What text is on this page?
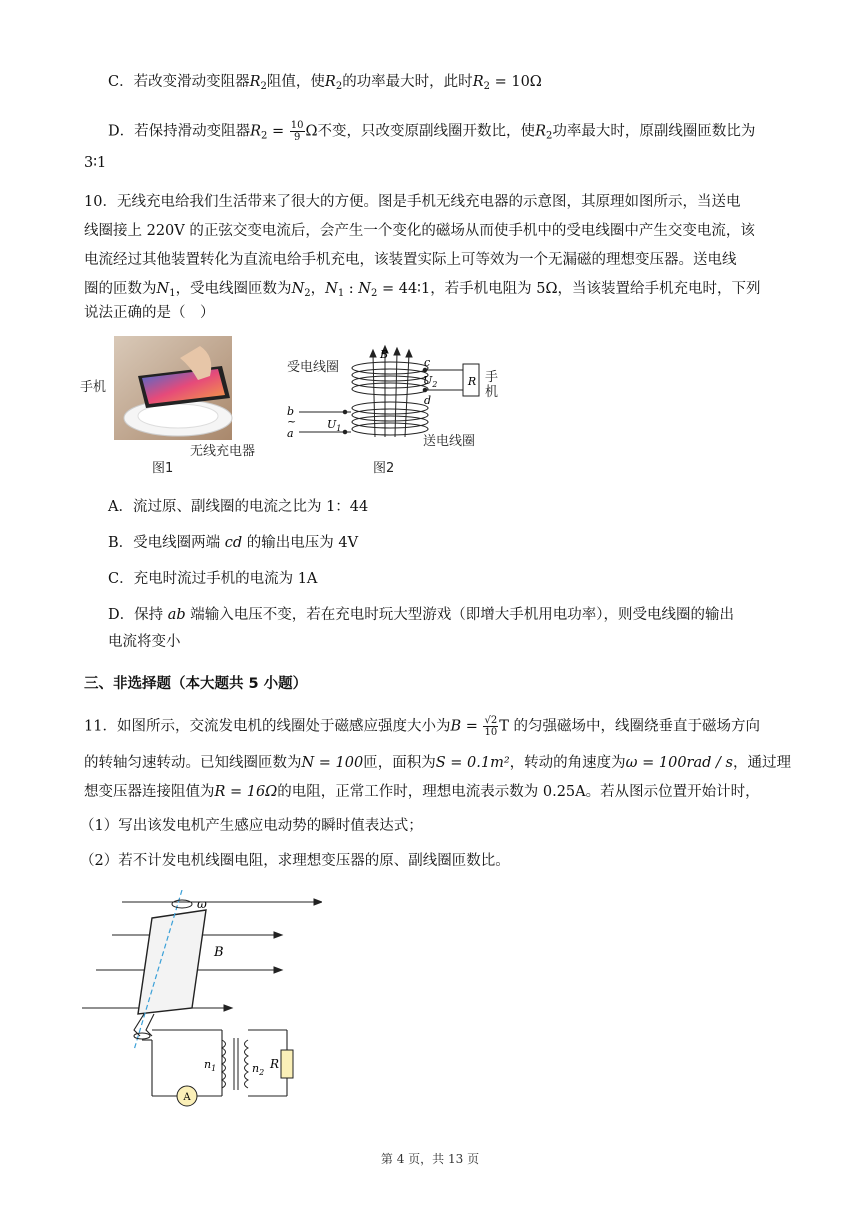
C．若改变滑动变阻器$R_2$阻值，使$R_2$的功率最大时，此时$R_2 = 10\Omega$
D．若保持滑动变阻器$R_2 = \frac{10}{9}$ Ω不变，只改变原副线圈开数比，使$R_2$功率最大时，原副线圈匝数比为
3∶1
10．无线充电给我们生活带来了很大的方便。图是手机无线充电器的示意图，其原理如图所示，当送电
线圈接上 220V 的正弦交变电流后，会产生一个变化的磁场从而使手机中的受电线圈中产生交变电流，该
电流经过其他装置转化为直流电给手机充电，该装置实际上可等效为一个无漏磁的理想变压器。送电线
圈的匝数为$N_1$，受电线圈匝数为$N_2$，$N_1$ : $N_2$ = 44∶1，若手机电阻为 5Ω，当该装置给手机充电时，下列
说法正确的是（　）
手机
无线充电器
图1
R
c
d
$U_2$
B
b
~
a
$U_1$
受电线圈
送电线圈
手机
图2
A．流过原、副线圈的电流之比为 1：44
B．受电线圈两端 cd 的输出电压为 4V
C．充电时流过手机的电流为 1A
D．保持 ab 端输入电压不变，若在充电时玩大型游戏（即增大手机用电功率），则受电线圈的输出
电流将变小
三、非选择题（本大题共 5 小题）
11．如图所示，交流发电机的线圈处于磁感应强度大小为$B = \frac{√2}{10}$ T 的匀强磁场中，线圈绕垂直于磁场方向
的转轴匀速转动。已知线圈匝数为N = 100匝，面积为S = 0.1m²，转动的角速度为ω = 100rad / s，通过理
想变压器连接阻值为R = 16Ω的电阻，正常工作时，理想电流表示数为 0.25A。若从图示位置开始计时，
（1）写出该发电机产生感应电动势的瞬时值表达式；
（2）若不计发电机线圈电阻，求理想变压器的原、副线圈匝数比。
ω
B
A
$n_1$	$n_2$
R
第 4 页，共 13 页
